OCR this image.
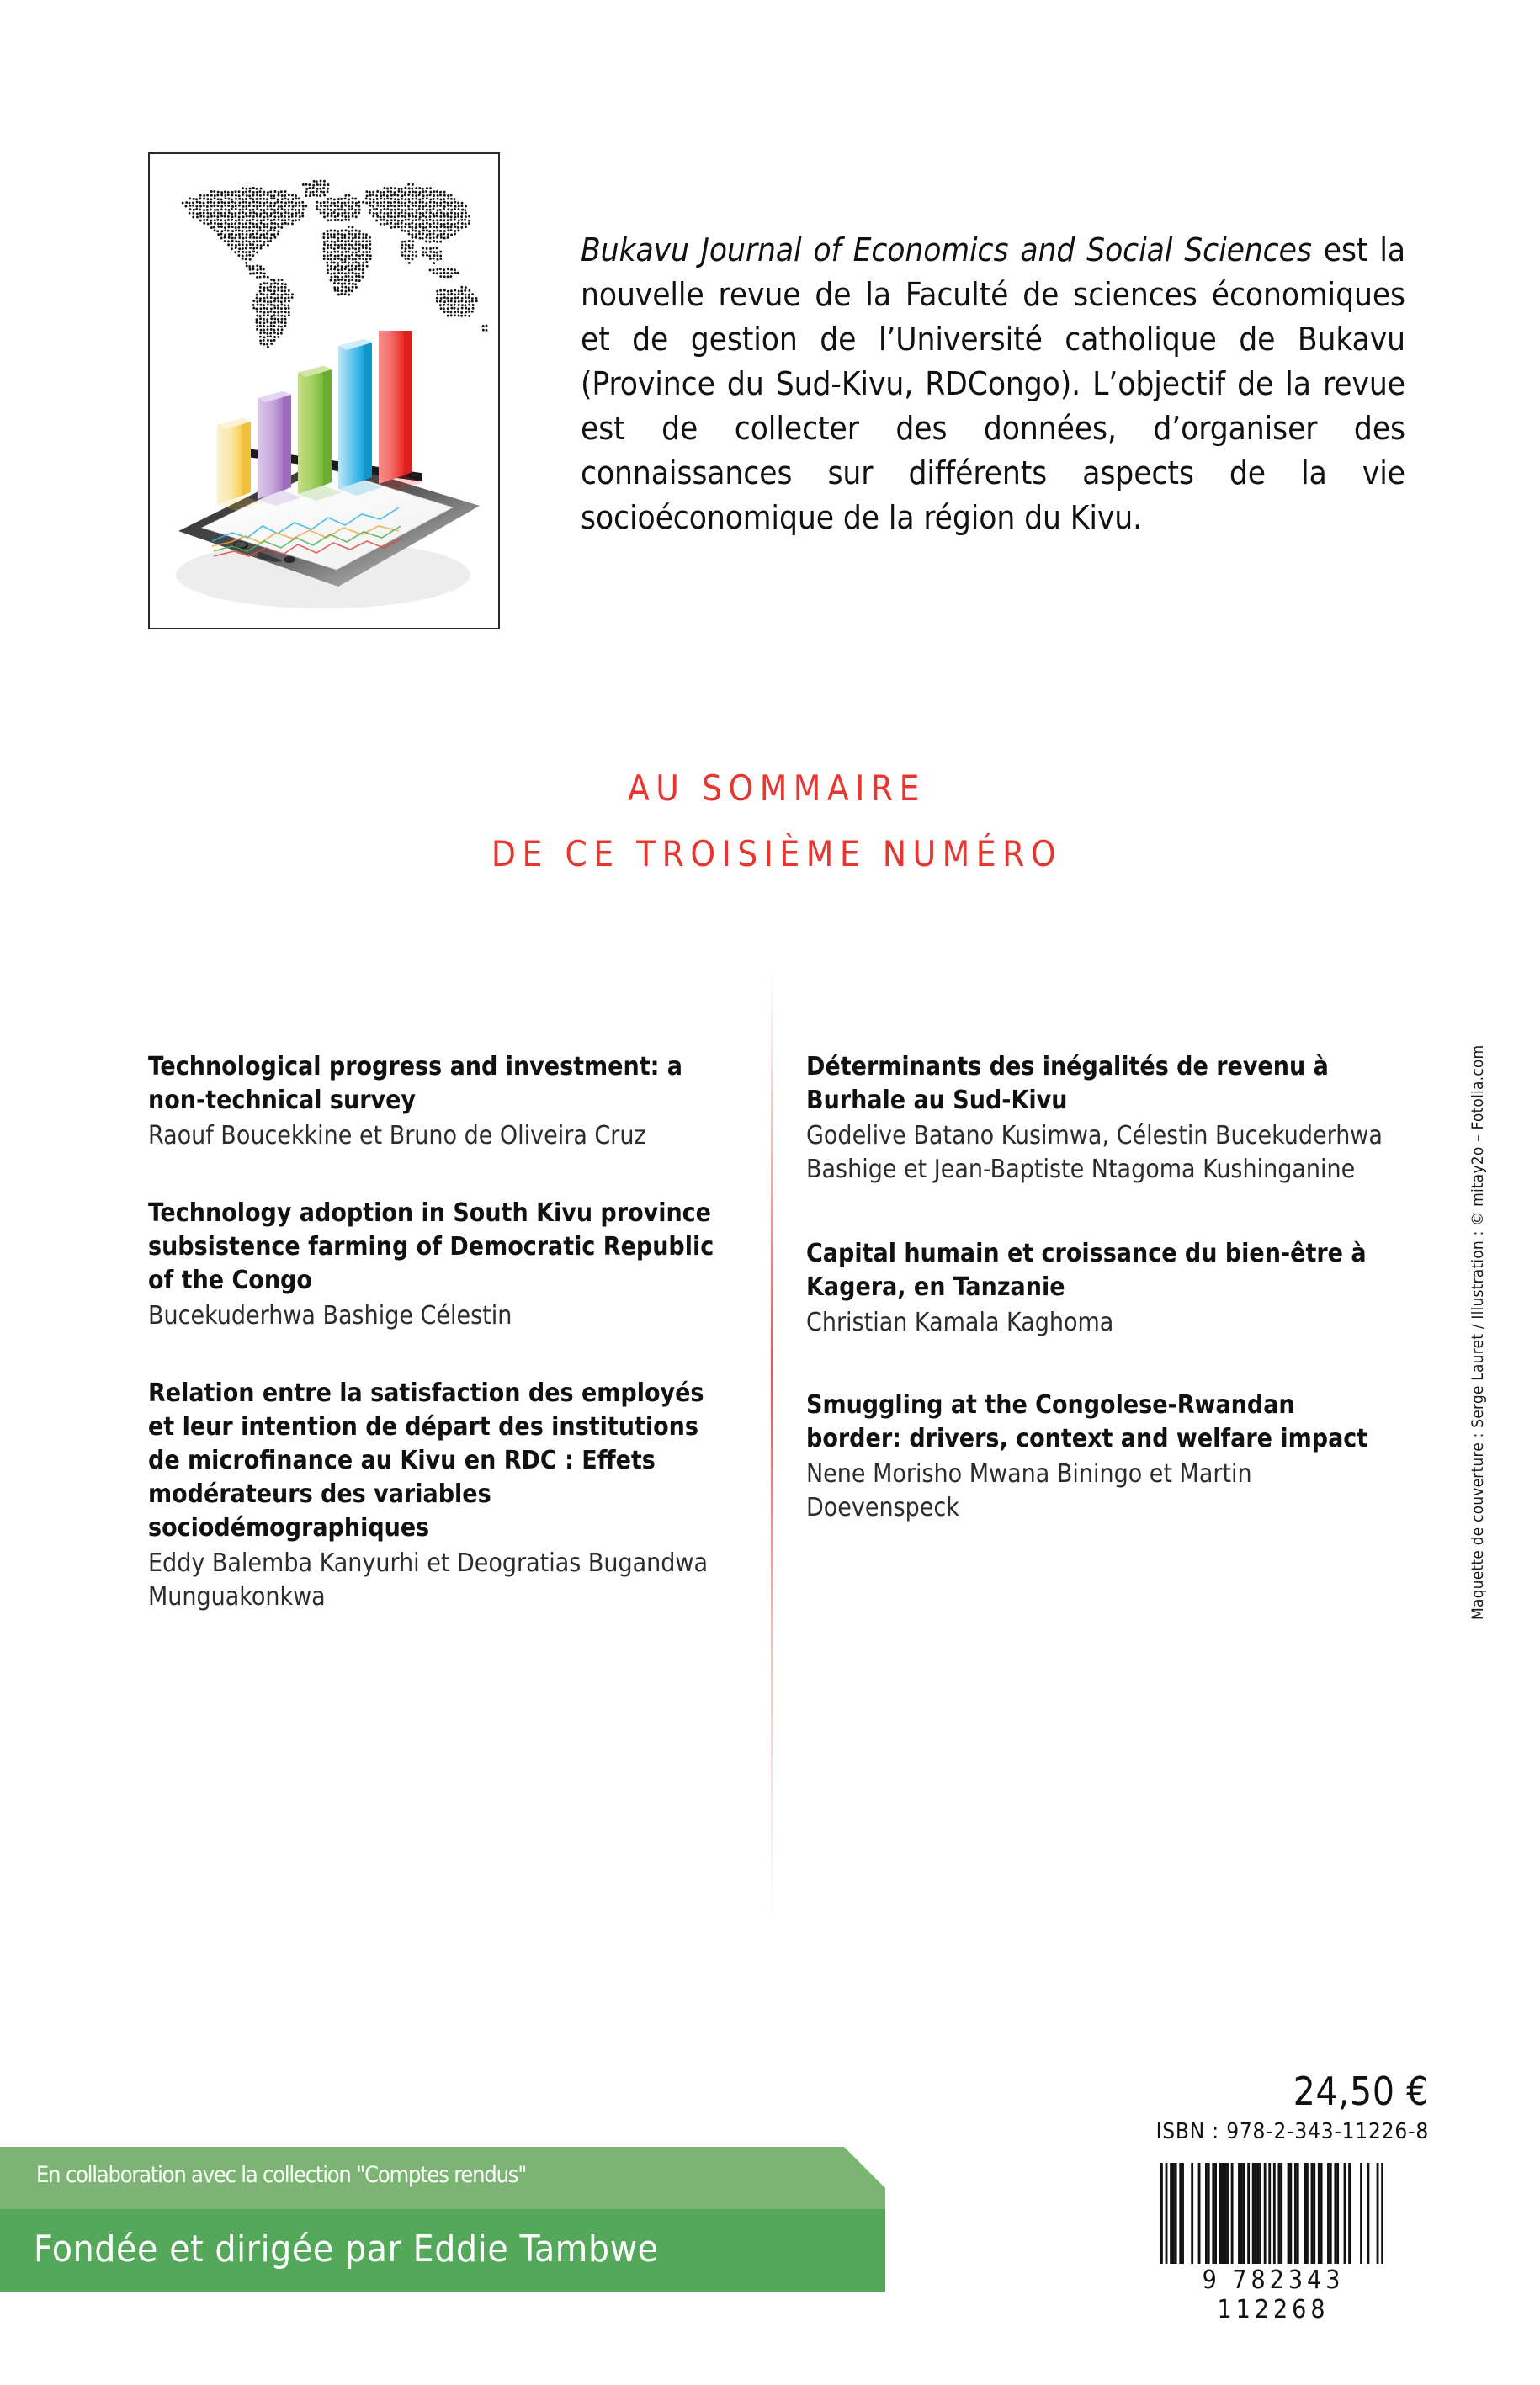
Bukavu Journal of Economics and Social Sciences est la nouvelle revue de la Faculté de sciences économiques et de gestion de l’Université catholique de Bukavu (Province du Sud-Kivu, RDCongo). L’objectif de la revue est de collecter des données, d’organiser des connaissances sur différents aspects de la vie socioéconomique de la région du Kivu.

AU SOMMAIRE
DE CE TROISIÈME NUMÉRO
Technological progress and investment: a non-technical survey
Raouf Boucekkine et Bruno de Oliveira Cruz
Technology adoption in South Kivu province subsistence farming of Democratic Republic of the Congo
Bucekuderhwa Bashige Célestin
Relation entre la satisfaction des employés et leur intention de départ des institutions de microfinance au Kivu en RDC : Effets modérateurs des variables sociodémographiques
Eddy Balemba Kanyurhi et Deogratias Bugandwa Munguakonkwa
Déterminants des inégalités de revenu à Burhale au Sud-Kivu
Godelive Batano Kusimwa, Célestin Bucekuderhwa Bashige et Jean-Baptiste Ntagoma Kushinganine
Capital humain et croissance du bien-être à Kagera, en Tanzanie
Christian Kamala Kaghoma
Smuggling at the Congolese-Rwandan border: drivers, context and welfare impact
Nene Morisho Mwana Biningo et Martin Doevenspeck
24,50 €
ISBN : 978-2-343-11226-8
9 782343 112268
Maquette de couverture : Serge Lauret / Illustration : © mitay2o – Fotolia.com
En collaboration avec la collection "Comptes rendus"
Fondée et dirigée par Eddie Tambwe
